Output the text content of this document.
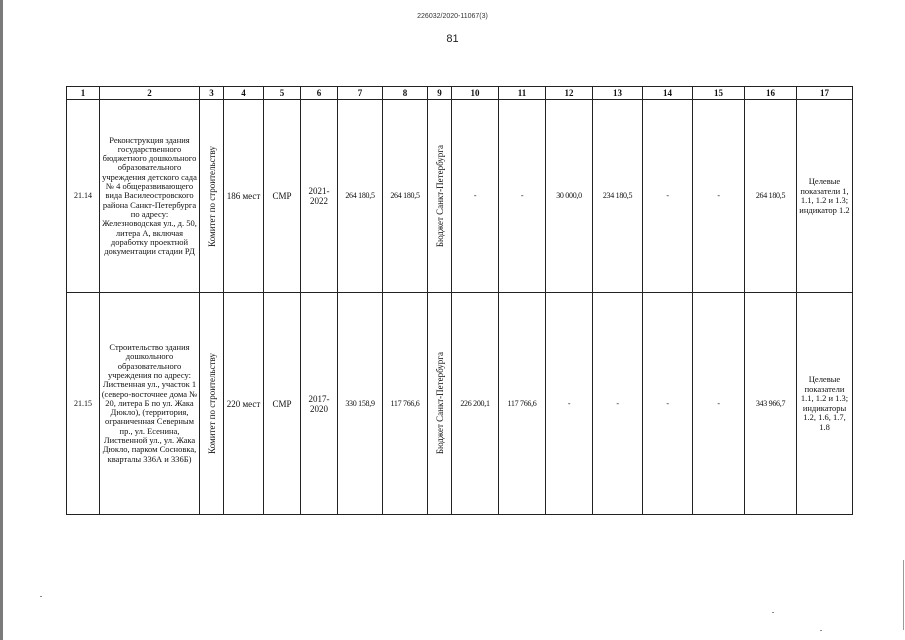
226032/2020-11067(3)
81
1	2	3	4	5	6	7	8	9	10	11	12	13	14	15	16	17
21.14	Реконструкция здания государственного бюджетного дошкольного образовательного учреждения детского сада № 4 общеразвивающего вида Василеостровского района Санкт-Петербурга по адресу: Железноводская ул., д. 50, литера А, включая доработку проектной документации стадии РД	Комитет по строительству	186 мест	СМР	2021-2022	264 180,5	264 180,5	Бюджет Санкт-Петербурга	-	-	30 000,0	234 180,5	-	-	264 180,5	Целевые показатели 1, 1.1, 1.2 и 1.3; индикатор 1.2
21.15	Строительство здания дошкольного образовательного учреждения по адресу: Лиственная ул., участок 1 (северо-восточнее дома № 20, литера Б по ул. Жака Дюкло), (территория, ограниченная Северным пр., ул. Есенина, Лиственной ул., ул. Жака Дюкло, парком Сосновка, кварталы 336А и 336Б)	Комитет по строительству	220 мест	СМР	2017-2020	330 158,9	117 766,6	Бюджет Санкт-Петербурга	226 200,1	117 766,6	-	-	-	-	343 966,7	Целевые показатели 1.1, 1.2 и 1.3; индикаторы 1.2, 1.6, 1.7, 1.8
